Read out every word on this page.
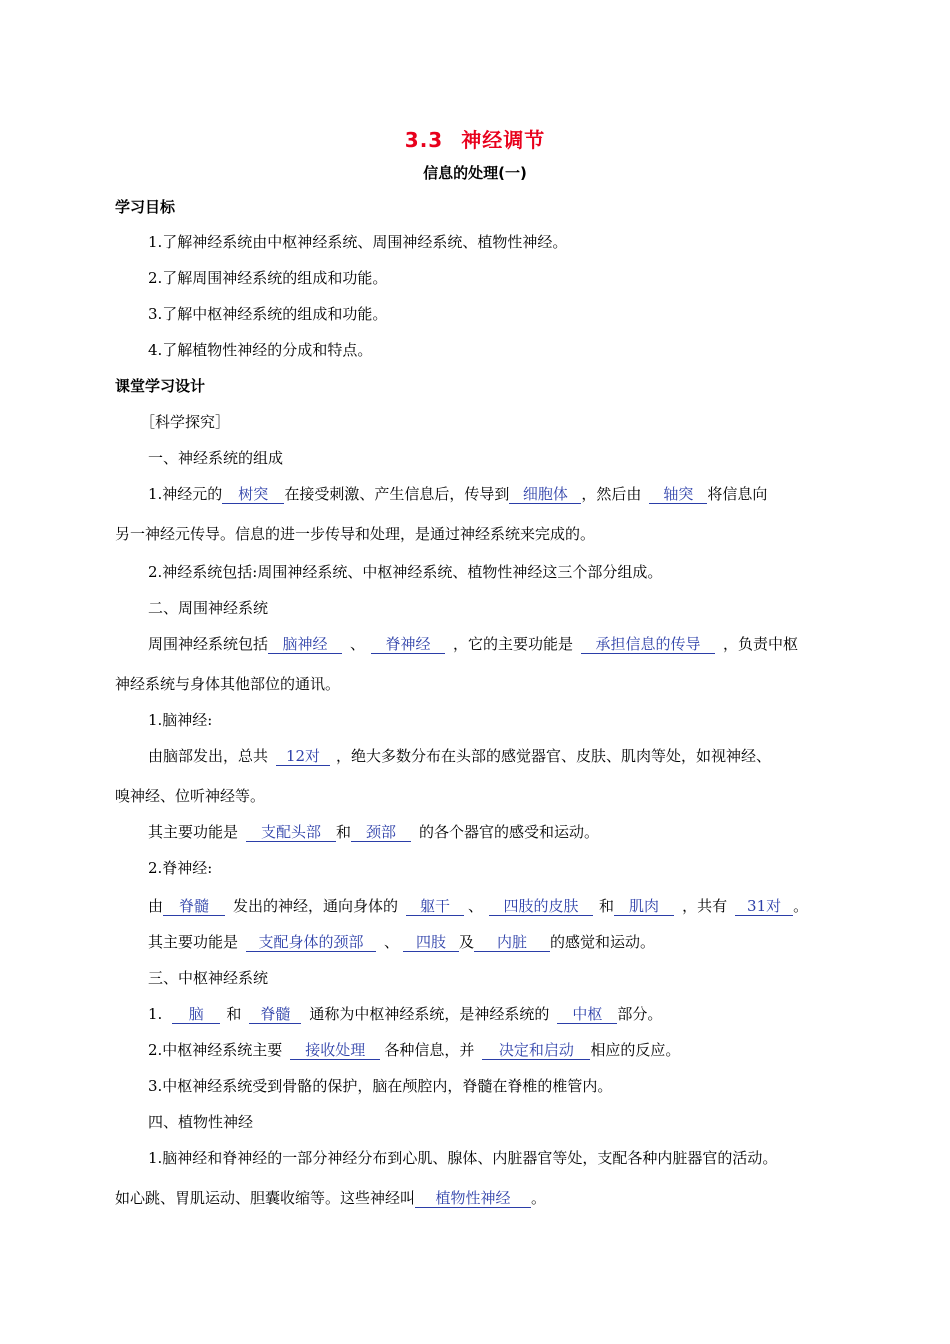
3.3 神经调节
信息的处理(一)
学习目标
1.了解神经系统由中枢神经系统、周围神经系统、植物性神经。
2.了解周围神经系统的组成和功能。
3.了解中枢神经系统的组成和功能。
4.了解植物性神经的分成和特点。
课堂学习设计
［科学探究］
一、神经系统的组成
1.神经元的 树突 在接受刺激、产生信息后，传导到 细胞体 ，然后由 轴突 将信息向
另一神经元传导。信息的进一步传导和处理，是通过神经系统来完成的。
2.神经系统包括:周围神经系统、中枢神经系统、植物性神经这三个部分组成。
二、周围神经系统
周围神经系统包括 脑神经 、 脊神经 ，它的主要功能是 承担信息的传导 ，负责中枢
神经系统与身体其他部位的通讯。
1.脑神经:
由脑部发出，总共 12对 ，绝大多数分布在头部的感觉器官、皮肤、肌肉等处，如视神经、
嗅神经、位听神经等。
其主要功能是 支配头部 和 颈部 的各个器官的感受和运动。
2.脊神经:
由 脊髓 发出的神经，通向身体的 躯干 、 四肢的皮肤 和 肌肉 ，共有 31对 。
其主要功能是 支配身体的颈部 、 四肢 及 内脏 的感觉和运动。
三、中枢神经系统
1. 脑 和 脊髓 通称为中枢神经系统，是神经系统的 中枢 部分。
2.中枢神经系统主要 接收处理 各种信息，并 决定和启动 相应的反应。
3.中枢神经系统受到骨骼的保护，脑在颅腔内，脊髓在脊椎的椎管内。
四、植物性神经
1.脑神经和脊神经的一部分神经分布到心肌、腺体、内脏器官等处，支配各种内脏器官的活动。
如心跳、胃肌运动、胆囊收缩等。这些神经叫 植物性神经 。
